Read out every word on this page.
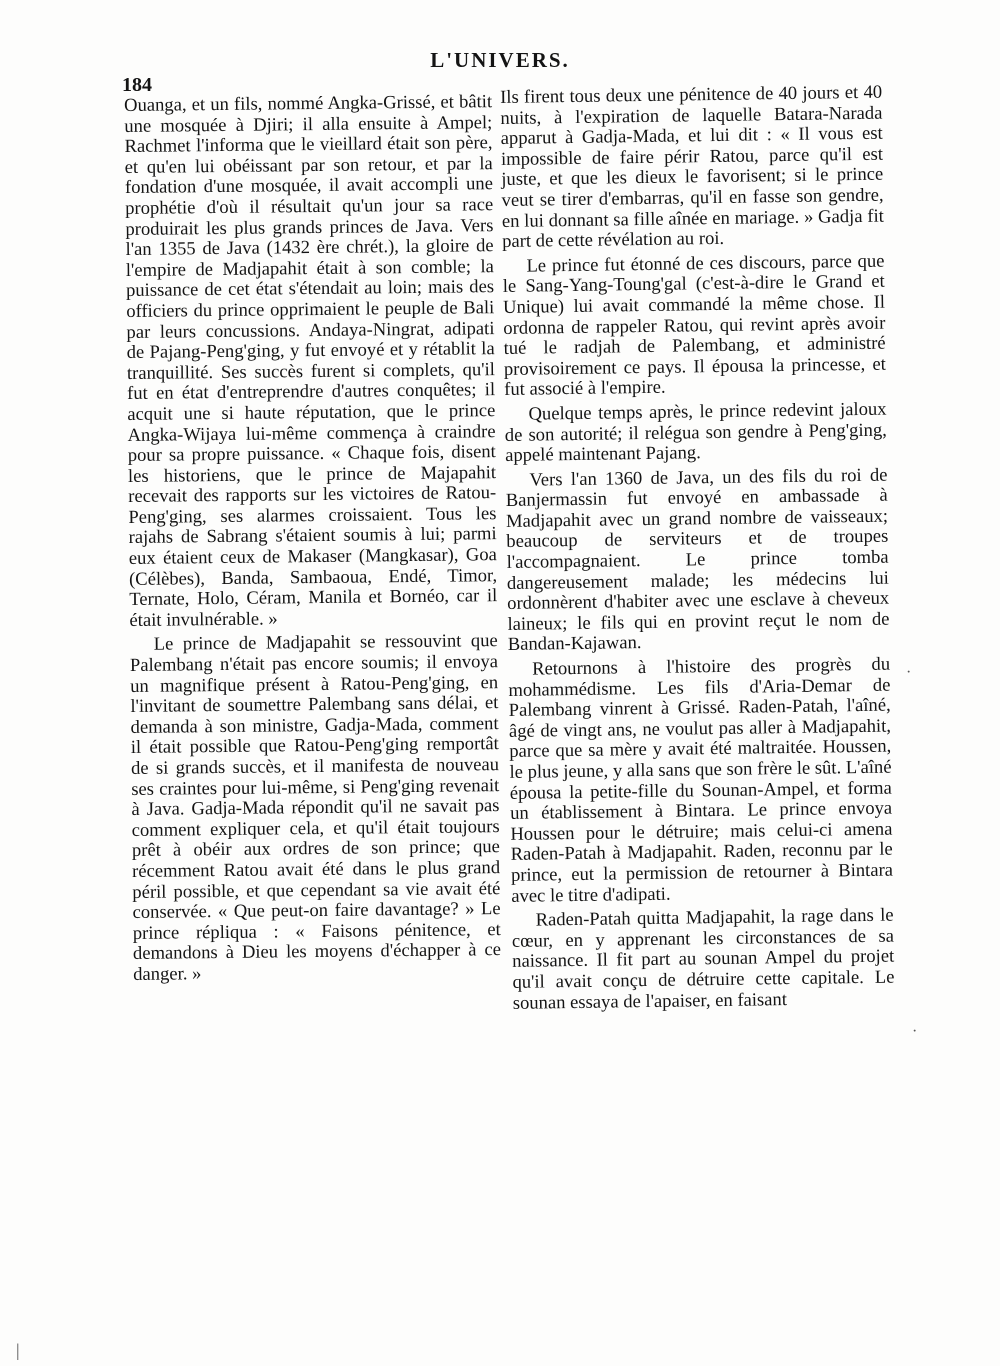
L'UNIVERS.
184

Ouanga, et un fils, nommé Angka-Grissé, et bâtit une mosquée à Djiri; il alla ensuite à Ampel; Rachmet l'informa que le vieillard était son père, et qu'en lui obéissant par son retour, et par la fondation d'une mosquée, il avait accompli une prophétie d'où il résultait qu'un jour sa race produirait les plus grands princes de Java. Vers l'an 1355 de Java (1432 ère chrét.), la gloire de l'empire de Madjapahit était à son comble; la puissance de cet état s'étendait au loin; mais des officiers du prince opprimaient le peuple de Bali par leurs concussions. Andaya-Ningrat, adipati de Pajang-Peng'ging, y fut envoyé et y rétablit la tranquillité. Ses succès furent si complets, qu'il fut en état d'entreprendre d'autres conquêtes; il acquit une si haute réputation, que le prince Angka-Wijaya lui-même commença à craindre pour sa propre puissance. « Chaque fois, disent les historiens, que le prince de Majapahit recevait des rapports sur les victoires de Ratou-Peng'ging, ses alarmes croissaient. Tous les rajahs de Sabrang s'étaient soumis à lui; parmi eux étaient ceux de Makaser (Mangkasar), Goa (Célèbes), Banda, Sambaoua, Endé, Timor, Ternate, Holo, Céram, Manila et Bornéo, car il était invulnérable. »

Le prince de Madjapahit se ressouvint que Palembang n'était pas encore soumis; il envoya un magnifique présent à Ratou-Peng'ging, en l'invitant de soumettre Palembang sans délai, et demanda à son ministre, Gadja-Mada, comment il était possible que Ratou-Peng'ging remportât de si grands succès, et il manifesta de nouveau ses craintes pour lui-même, si Peng'ging revenait à Java. Gadja-Mada répondit qu'il ne savait pas comment expliquer cela, et qu'il était toujours prêt à obéir aux ordres de son prince; que récemment Ratou avait été dans le plus grand péril possible, et que cependant sa vie avait été conservée. « Que peut-on faire davantage? » Le prince répliqua : « Faisons pénitence, et demandons à Dieu les moyens d'échapper à ce danger. »

Ils firent tous deux une pénitence de 40 jours et 40 nuits, à l'expiration de laquelle Batara-Narada apparut à Gadja-Mada, et lui dit : « Il vous est impossible de faire périr Ratou, parce qu'il est juste, et que les dieux le favorisent; si le prince veut se tirer d'embarras, qu'il en fasse son gendre, en lui donnant sa fille aînée en mariage. » Gadja fit part de cette révélation au roi.

Le prince fut étonné de ces discours, parce que le Sang-Yang-Toung'gal (c'est-à-dire le Grand et Unique) lui avait commandé la même chose. Il ordonna de rappeler Ratou, qui revint après avoir tué le radjah de Palembang, et administré provisoirement ce pays. Il épousa la princesse, et fut associé à l'empire.

Quelque temps après, le prince redevint jaloux de son autorité; il relégua son gendre à Peng'ging, appelé maintenant Pajang.

Vers l'an 1360 de Java, un des fils du roi de Banjermassin fut envoyé en ambassade à Madjapahit avec un grand nombre de vaisseaux; beaucoup de serviteurs et de troupes l'accompagnaient. Le prince tomba dangereusement malade; les médecins lui ordonnèrent d'habiter avec une esclave à cheveux laineux; le fils qui en provint reçut le nom de Bandan-Kajawan.

Retournons à l'histoire des progrès du mohammédisme. Les fils d'Aria-Demar de Palembang vinrent à Grissé. Raden-Patah, l'aîné, âgé de vingt ans, ne voulut pas aller à Madjapahit, parce que sa mère y avait été maltraitée. Houssen, le plus jeune, y alla sans que son frère le sût. L'aîné épousa la petite-fille du Sounan-Ampel, et forma un établissement à Bintara. Le prince envoya Houssen pour le détruire; mais celui-ci amena Raden-Patah à Madjapahit. Raden, reconnu par le prince, eut la permission de retourner à Bintara avec le titre d'adipati.

Raden-Patah quitta Madjapahit, la rage dans le cœur, en y apprenant les circonstances de sa naissance. Il fit part au sounan Ampel du projet qu'il avait conçu de détruire cette capitale. Le sounan essaya de l'apaiser, en faisant

·
·
|
